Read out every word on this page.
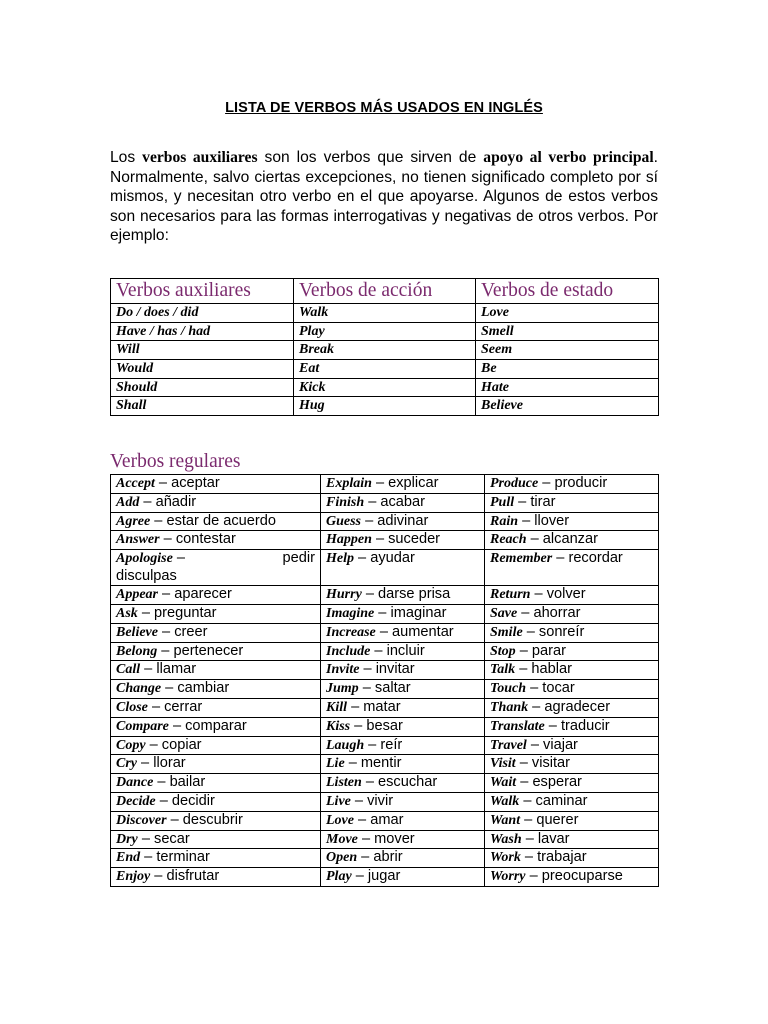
LISTA DE VERBOS MÁS USADOS EN INGLÉS
Los verbos auxiliares son los verbos que sirven de apoyo al verbo principal. Normalmente, salvo ciertas excepciones, no tienen significado completo por sí mismos, y necesitan otro verbo en el que apoyarse. Algunos de estos verbos son necesarios para las formas interrogativas y negativas de otros verbos. Por ejemplo:
Verbos auxiliares	Verbos de acción	Verbos de estado
Do / does / did	Walk	Love
Have / has / had	Play	Smell
Will	Break	Seem
Would	Eat	Be
Should	Kick	Hate
Shall	Hug	Believe
Verbos regulares
Accept – aceptar	Explain – explicar	Produce – producir
Add – añadir	Finish – acabar	Pull – tirar
Agree – estar de acuerdo	Guess – adivinar	Rain – llover
Answer – contestar	Happen – suceder	Reach – alcanzar

Apologise – pedir
disculpas	Help – ayudar	Remember – recordar
Appear – aparecer	Hurry – darse prisa	Return – volver
Ask – preguntar	Imagine – imaginar	Save – ahorrar
Believe – creer	Increase – aumentar	Smile – sonreír
Belong – pertenecer	Include – incluir	Stop – parar
Call – llamar	Invite – invitar	Talk – hablar
Change – cambiar	Jump – saltar	Touch – tocar
Close – cerrar	Kill – matar	Thank – agradecer
Compare – comparar	Kiss – besar	Translate – traducir
Copy – copiar	Laugh – reír	Travel – viajar
Cry – llorar	Lie – mentir	Visit – visitar
Dance – bailar	Listen – escuchar	Wait – esperar
Decide – decidir	Live – vivir	Walk – caminar
Discover – descubrir	Love – amar	Want – querer
Dry – secar	Move – mover	Wash – lavar
End – terminar	Open – abrir	Work – trabajar
Enjoy – disfrutar	Play – jugar	Worry – preocuparse
